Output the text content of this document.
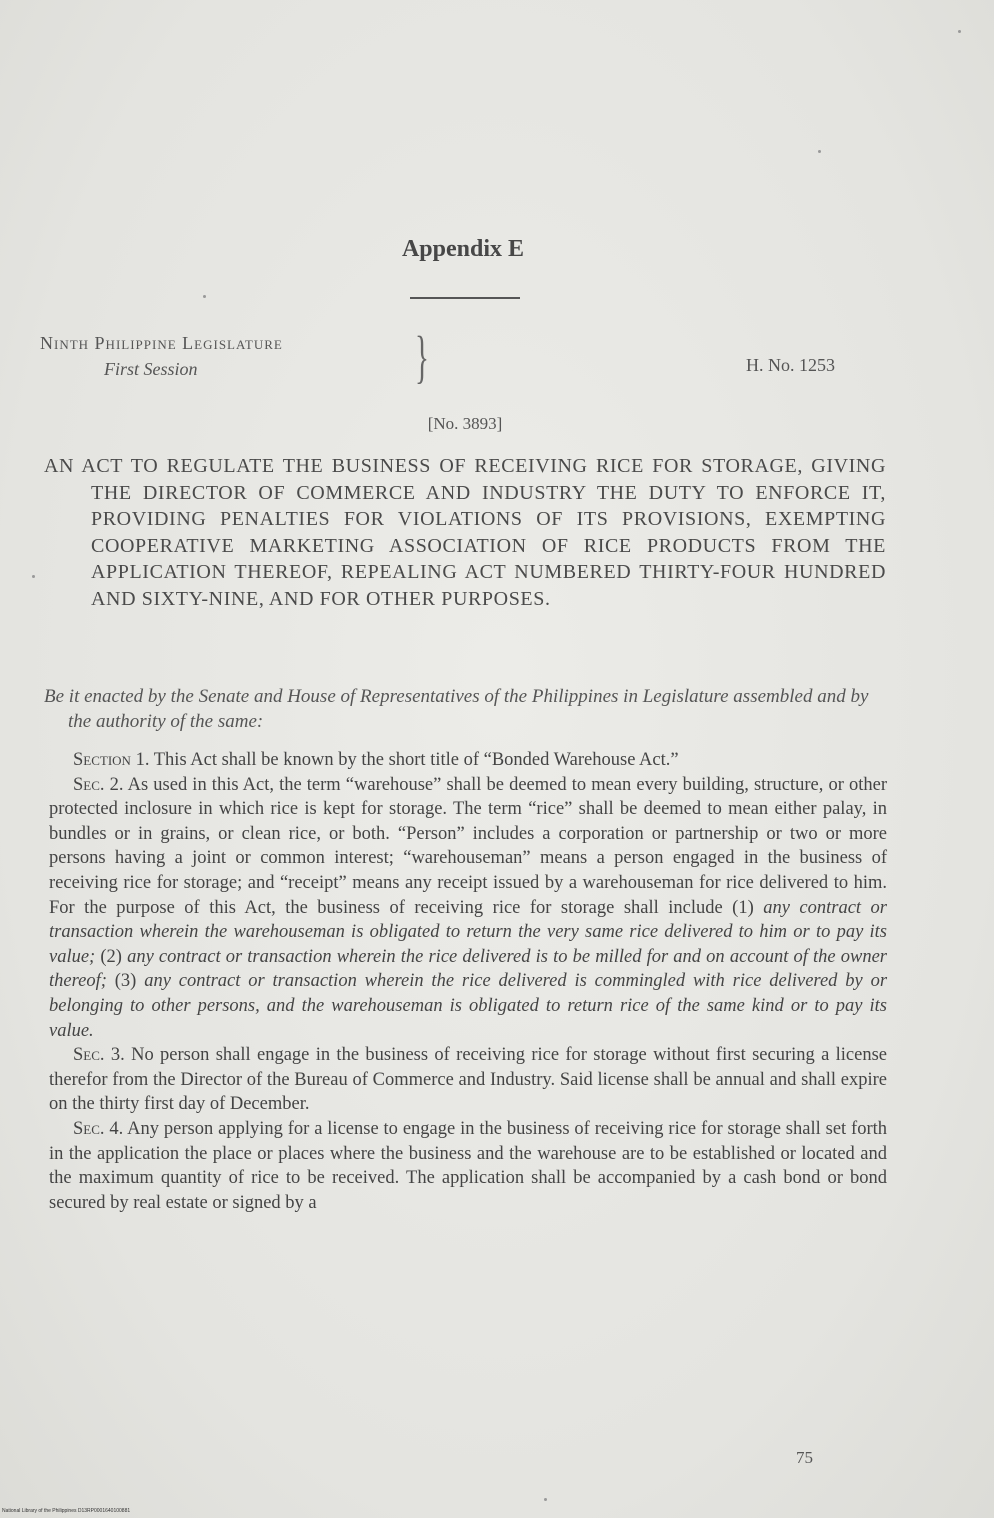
Appendix E
Ninth Philippine Legislature
First Session	}	H. No. 1253
[No. 3893]
AN ACT TO REGULATE THE BUSINESS OF RECEIVING RICE FOR STORAGE, GIVING THE DIRECTOR OF COMMERCE AND INDUSTRY THE DUTY TO ENFORCE IT, PROVIDING PENALTIES FOR VIOLATIONS OF ITS PROVISIONS, EXEMPTING COOPERATIVE MARKETING ASSOCIATION OF RICE PRODUCTS FROM THE APPLICATION THEREOF, REPEALING ACT NUMBERED THIRTY-FOUR HUNDRED AND SIXTY-NINE, AND FOR OTHER PURPOSES.
Be it enacted by the Senate and House of Representatives of the Philippines in Legislature assembled and by the authority of the same:

Section 1. This Act shall be known by the short title of “Bonded Warehouse Act.”

Sec. 2. As used in this Act, the term “warehouse” shall be deemed to mean every building, structure, or other protected inclosure in which rice is kept for storage. The term “rice” shall be deemed to mean either palay, in bundles or in grains, or clean rice, or both. “Person” includes a corporation or partnership or two or more persons having a joint or common interest; “warehouseman” means a person engaged in the business of receiving rice for storage; and “receipt” means any receipt issued by a warehouseman for rice delivered to him. For the purpose of this Act, the business of receiving rice for storage shall include (1) any contract or transaction wherein the warehouseman is obligated to return the very same rice delivered to him or to pay its value; (2) any contract or transaction wherein the rice delivered is to be milled for and on account of the owner thereof; (3) any contract or transaction wherein the rice delivered is commingled with rice delivered by or belonging to other persons, and the warehouseman is obligated to return rice of the same kind or to pay its value.

Sec. 3. No person shall engage in the business of receiving rice for storage without first securing a license therefor from the Director of the Bureau of Commerce and Industry. Said license shall be annual and shall expire on the thirty first day of December.

Sec. 4. Any person applying for a license to engage in the business of receiving rice for storage shall set forth in the application the place or places where the business and the warehouse are to be established or located and the maximum quantity of rice to be received. The application shall be accompanied by a cash bond or bond secured by real estate or signed by a

75
National Library of the Philippines D13RP0001640100881
